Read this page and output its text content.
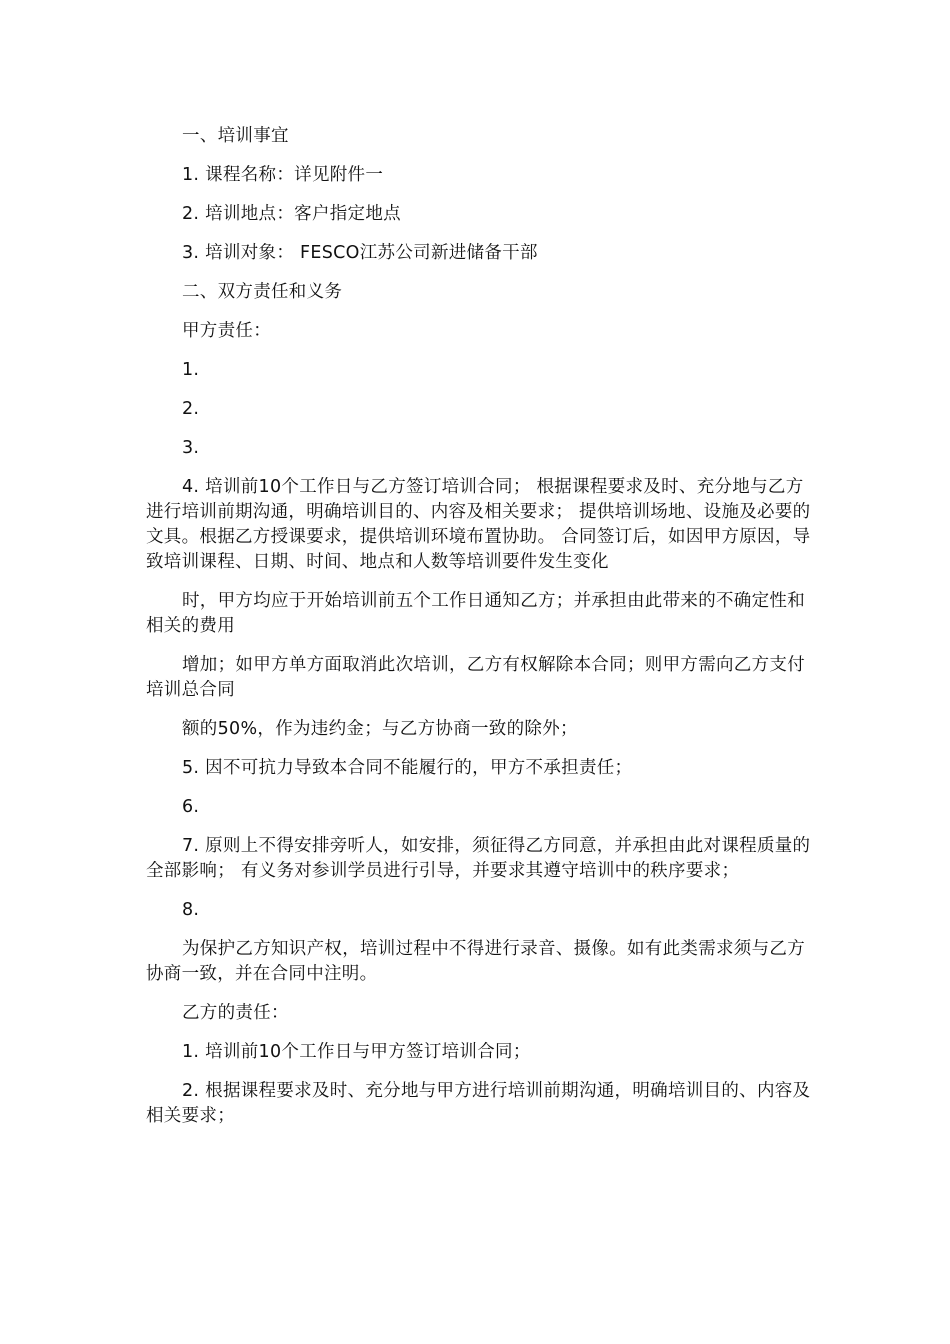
一、培训事宜

1. 课程名称：详见附件一

2. 培训地点：客户指定地点

3. 培训对象： FESCO江苏公司新进储备干部

二、双方责任和义务

甲方责任：

1.

2.

3.

4. 培训前10个工作日与乙方签订培训合同； 根据课程要求及时、充分地与乙方进行培训前期沟通，明确培训目的、内容及相关要求； 提供培训场地、设施及必要的文具。根据乙方授课要求，提供培训环境布置协助。 合同签订后，如因甲方原因，导致培训课程、日期、时间、地点和人数等培训要件发生变化

时，甲方均应于开始培训前五个工作日通知乙方；并承担由此带来的不确定性和相关的费用

增加；如甲方单方面取消此次培训，乙方有权解除本合同；则甲方需向乙方支付培训总合同

额的50%，作为违约金；与乙方协商一致的除外；

5. 因不可抗力导致本合同不能履行的，甲方不承担责任；

6.

7. 原则上不得安排旁听人，如安排，须征得乙方同意，并承担由此对课程质量的全部影响； 有义务对参训学员进行引导，并要求其遵守培训中的秩序要求；

8.

为保护乙方知识产权，培训过程中不得进行录音、摄像。如有此类需求须与乙方协商一致，并在合同中注明。

乙方的责任：

1. 培训前10个工作日与甲方签订培训合同；

2. 根据课程要求及时、充分地与甲方进行培训前期沟通，明确培训目的、内容及相关要求；
